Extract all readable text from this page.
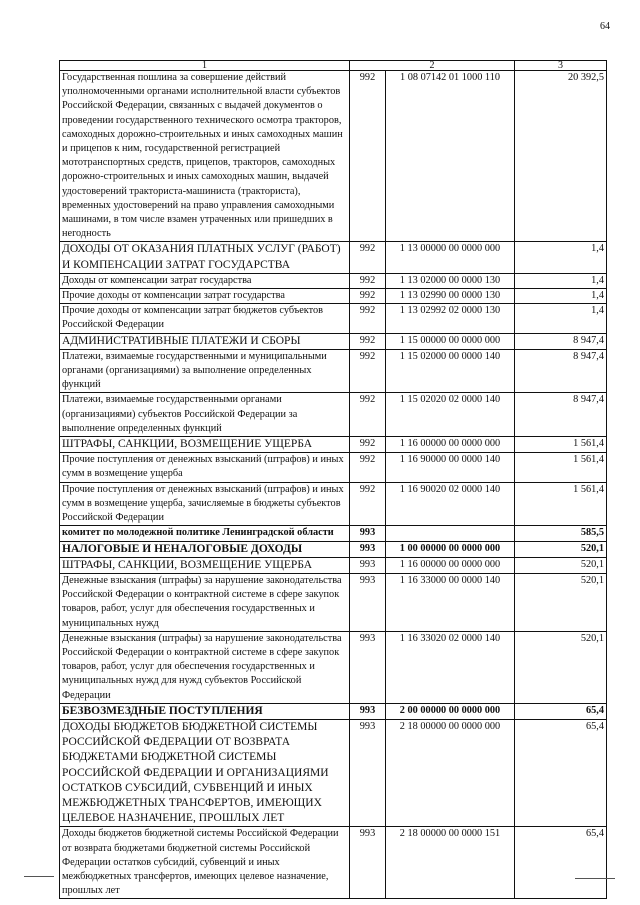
64
1	2		3
Государственная пошлина за совершение действий уполномоченными органами исполнительной власти субъектов Российской Федерации, связанных с выдачей документов о проведении государственного технического осмотра тракторов, самоходных дорожно-строительных и иных самоходных машин и прицепов к ним, государственной регистрацией мототранспортных средств, прицепов, тракторов, самоходных дорожно-строительных и иных самоходных машин, выдачей удостоверений тракториста-машиниста (тракториста), временных удостоверений на право управления самоходными машинами, в том числе взамен утраченных или пришедших в негодность	992	1 08 07142 01 1000 110	20 392,5
ДОХОДЫ ОТ ОКАЗАНИЯ ПЛАТНЫХ УСЛУГ (РАБОТ) И КОМПЕНСАЦИИ ЗАТРАТ ГОСУДАРСТВА	992	1 13 00000 00 0000 000	1,4
Доходы от компенсации затрат государства	992	1 13 02000 00 0000 130	1,4
Прочие доходы от компенсации затрат государства	992	1 13 02990 00 0000 130	1,4
Прочие доходы от компенсации затрат бюджетов субъектов Российской Федерации	992	1 13 02992 02 0000 130	1,4
АДМИНИСТРАТИВНЫЕ ПЛАТЕЖИ И СБОРЫ	992	1 15 00000 00 0000 000	8 947,4
Платежи, взимаемые государственными и муниципальными органами (организациями) за выполнение определенных функций	992	1 15 02000 00 0000 140	8 947,4
Платежи, взимаемые государственными органами (организациями) субъектов Российской Федерации за выполнение определенных функций	992	1 15 02020 02 0000 140	8 947,4
ШТРАФЫ, САНКЦИИ, ВОЗМЕЩЕНИЕ УЩЕРБА	992	1 16 00000 00 0000 000	1 561,4
Прочие поступления от денежных взысканий (штрафов) и иных сумм в возмещение ущерба	992	1 16 90000 00 0000 140	1 561,4
Прочие поступления от денежных взысканий (штрафов) и иных сумм в возмещение ущерба, зачисляемые в бюджеты субъектов Российской Федерации	992	1 16 90020 02 0000 140	1 561,4
комитет по молодежной политике Ленинградской области	993		585,5
НАЛОГОВЫЕ И НЕНАЛОГОВЫЕ ДОХОДЫ	993	1 00 00000 00 0000 000	520,1
ШТРАФЫ, САНКЦИИ, ВОЗМЕЩЕНИЕ УЩЕРБА	993	1 16 00000 00 0000 000	520,1
Денежные взыскания (штрафы) за нарушение законодательства Российской Федерации о контрактной системе в сфере закупок товаров, работ, услуг для обеспечения государственных и муниципальных нужд	993	1 16 33000 00 0000 140	520,1
Денежные взыскания (штрафы) за нарушение законодательства Российской Федерации о контрактной системе в сфере закупок товаров, работ, услуг для обеспечения государственных и муниципальных нужд для нужд субъектов Российской Федерации	993	1 16 33020 02 0000 140	520,1
БЕЗВОЗМЕЗДНЫЕ ПОСТУПЛЕНИЯ	993	2 00 00000 00 0000 000	65,4
ДОХОДЫ БЮДЖЕТОВ БЮДЖЕТНОЙ СИСТЕМЫ РОССИЙСКОЙ ФЕДЕРАЦИИ ОТ ВОЗВРАТА БЮДЖЕТАМИ БЮДЖЕТНОЙ СИСТЕМЫ РОССИЙСКОЙ ФЕДЕРАЦИИ И ОРГАНИЗАЦИЯМИ ОСТАТКОВ СУБСИДИЙ, СУБВЕНЦИЙ И ИНЫХ МЕЖБЮДЖЕТНЫХ ТРАНСФЕРТОВ, ИМЕЮЩИХ ЦЕЛЕВОЕ НАЗНАЧЕНИЕ, ПРОШЛЫХ ЛЕТ	993	2 18 00000 00 0000 000	65,4
Доходы бюджетов бюджетной системы Российской Федерации от возврата бюджетами бюджетной системы Российской Федерации остатков субсидий, субвенций и иных межбюджетных трансфертов, имеющих целевое назначение, прошлых лет	993	2 18 00000 00 0000 151	65,4
